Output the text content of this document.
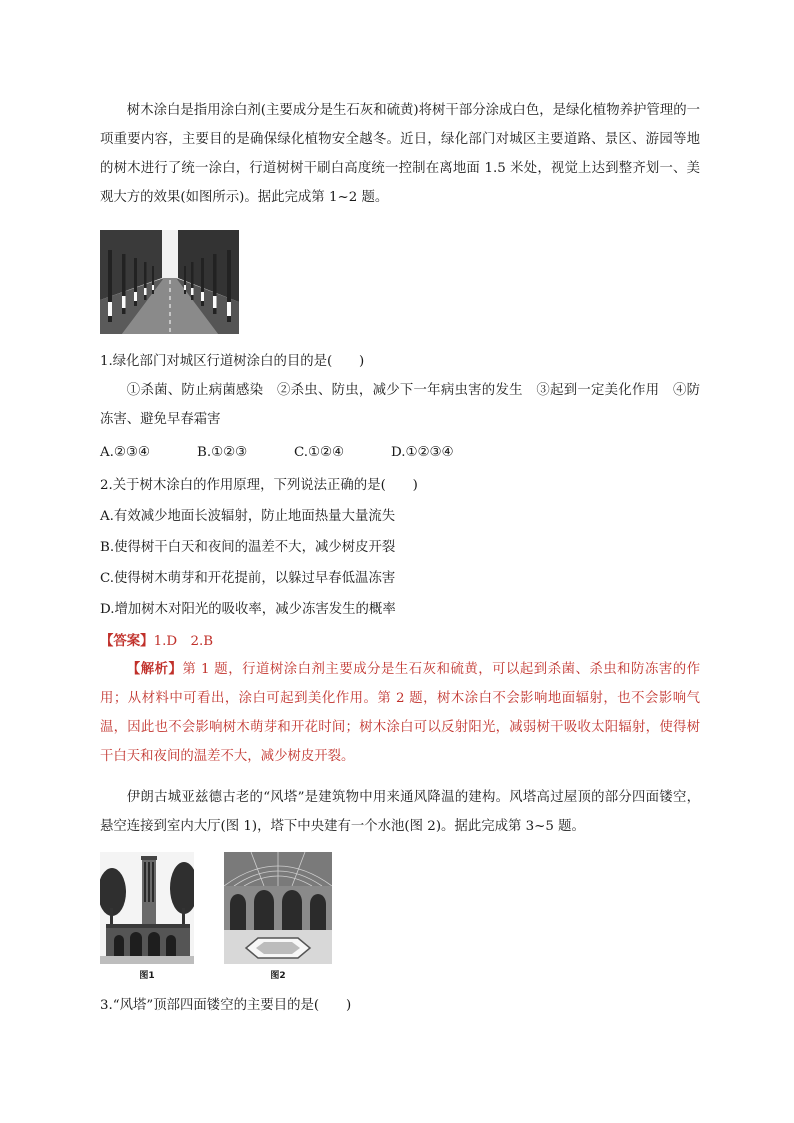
树木涂白是指用涂白剂(主要成分是生石灰和硫黄)将树干部分涂成白色，是绿化植物养护管理的一项重要内容，主要目的是确保绿化植物安全越冬。近日，绿化部门对城区主要道路、景区、游园等地的树木进行了统一涂白，行道树树干刷白高度统一控制在离地面 1.5 米处，视觉上达到整齐划一、美观大方的效果(如图所示)。据此完成第 1~2 题。
1.绿化部门对城区行道树涂白的目的是(　　)
①杀菌、防止病菌感染　②杀虫、防虫，减少下一年病虫害的发生　③起到一定美化作用　④防冻害、避免早春霜害
A.②③④	B.①②③	C.①②④	D.①②③④
2.关于树木涂白的作用原理，下列说法正确的是(　　)
A.有效减少地面长波辐射，防止地面热量大量流失
B.使得树干白天和夜间的温差不大，减少树皮开裂
C.使得树木萌芽和开花提前，以躲过早春低温冻害
D.增加树木对阳光的吸收率，减少冻害发生的概率
【答案】1.D　2.B
【解析】第 1 题，行道树涂白剂主要成分是生石灰和硫黄，可以起到杀菌、杀虫和防冻害的作用；从材料中可看出，涂白可起到美化作用。第 2 题，树木涂白不会影响地面辐射，也不会影响气温，因此也不会影响树木萌芽和开花时间；树木涂白可以反射阳光，减弱树干吸收太阳辐射，使得树干白天和夜间的温差不大，减少树皮开裂。
伊朗古城亚兹德古老的“风塔”是建筑物中用来通风降温的建构。风塔高过屋顶的部分四面镂空，悬空连接到室内大厅(图 1)，塔下中央建有一个水池(图 2)。据此完成第 3~5 题。
图1	图2
3.“风塔”顶部四面镂空的主要目的是(　　)
